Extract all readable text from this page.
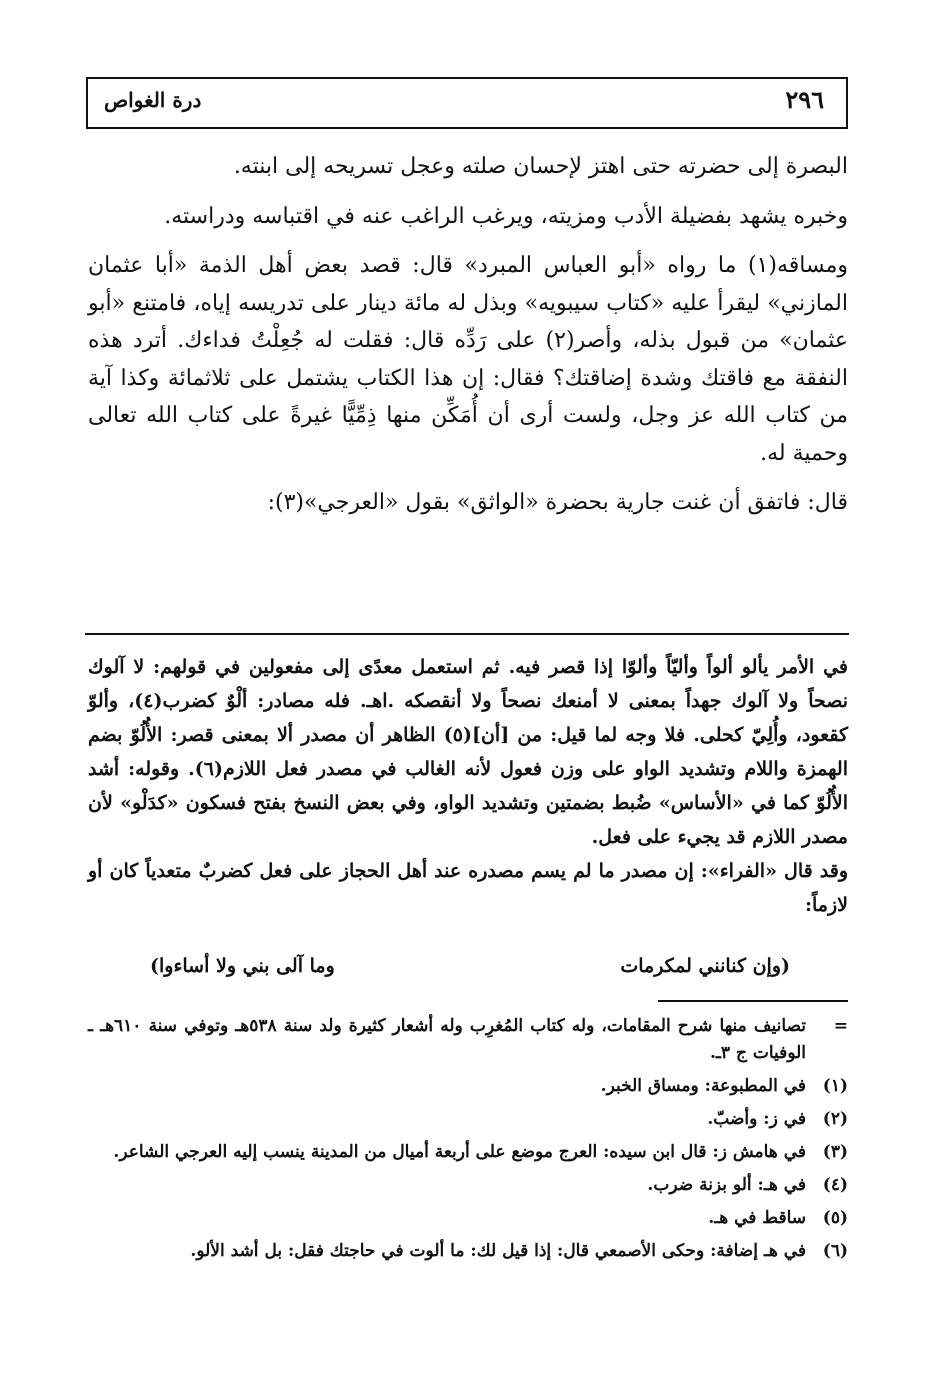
٢٩٦
درة الغواص

البصرة إلى حضرته حتى اهتز لإحسان صلته وعجل تسريحه إلى ابنته.

وخبره يشهد بفضيلة الأدب ومزيته، ويرغب الراغب عنه في اقتباسه ودراسته.

ومساقه(١) ما رواه «أبو العباس المبرد» قال: قصد بعض أهل الذمة «أبا عثمان المازني» ليقرأ عليه «كتاب سيبويه» وبذل له مائة دينار على تدريسه إياه، فامتنع «أبو عثمان» من قبول بذله، وأصر(٢) على رَدِّه قال: فقلت له جُعِلْتُ فداءك. أترد هذه النفقة مع فاقتك وشدة إضاقتك؟ فقال: إن هذا الكتاب يشتمل على ثلاثمائة وكذا آية من كتاب الله عز وجل، ولست أرى أن أُمَكِّن منها ذِمِّيًّا غيرةً على كتاب الله تعالى وحمية له.

قال: فاتفق أن غنت جارية بحضرة «الواثق» بقول «العرجي»(٣):

في الأمر يألو ألواً وأليّاً وألوّا إذا قصر فيه. ثم استعمل معدًى إلى مفعولين في قولهم: لا آلوك نصحاً ولا آلوك جهداً بمعنى لا أمنعك نصحاً ولا أنقصكه .اهـ. فله مصادر: ألْوٌ كضرب(٤)، وألوّ كقعود، وأُلِيّ كحلى. فلا وجه لما قيل: من [أن](٥) الظاهر أن مصدر ألا بمعنى قصر: الأُلُوّ بضم الهمزة واللام وتشديد الواو على وزن فعول لأنه الغالب في مصدر فعل اللازم(٦). وقوله: أشد الأُلُوّ كما في «الأساس» ضُبط بضمتين وتشديد الواو، وفي بعض النسخ بفتح فسكون «كدَلْو» لأن مصدر اللازم قد يجيء على فعل.

وقد قال «الفراء»: إن مصدر ما لم يسم مصدره عند أهل الحجاز على فعل كضربٌ متعدياً كان أو لازماً:

(وإن كنانني لمكرمات
وما آلى بني ولا أساءوا)
=
تصانيف منها شرح المقامات، وله كتاب المُغرِب وله أشعار كثيرة ولد سنة ٥٣٨هـ وتوفي سنة ٦١٠هـ ـ الوفيات ج ٣ـ.
(١)
في المطبوعة: ومساق الخبر.
(٢)
في ز: وأضبّ.
(٣)
في هامش ز: قال ابن سيده: العرج موضع على أربعة أميال من المدينة ينسب إليه العرجي الشاعر.
(٤)
في هـ: ألو بزنة ضرب.
(٥)
ساقط في هـ.
(٦)
في هـ إضافة: وحكى الأصمعي قال: إذا قيل لك: ما ألوت في حاجتك فقل: بل أشد الألو.
